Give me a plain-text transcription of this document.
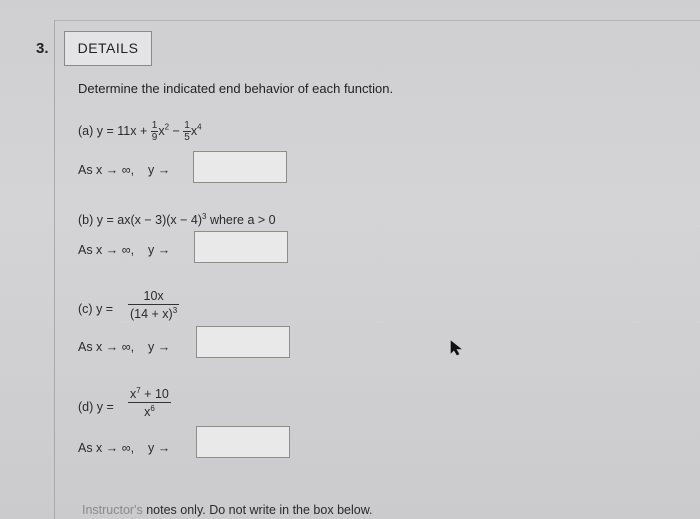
3.	DETAILS
Determine the indicated end behavior of each function.
(a) $y = 11x + \frac{1}{9} x^2 - \frac{1}{5} x^4$
As x → ∞, y →
(b) $y = ax(x - 3)(x - 4)^3$ where a > 0
As x → ∞, y →
(c) $y = \frac{10x}{(14 + x)^3}$
As x → ∞, y →
(d) $y = \frac{x^7 + 10}{x^6}$
As x → ∞, y →
Instructor's notes only. Do not write in the box below.
